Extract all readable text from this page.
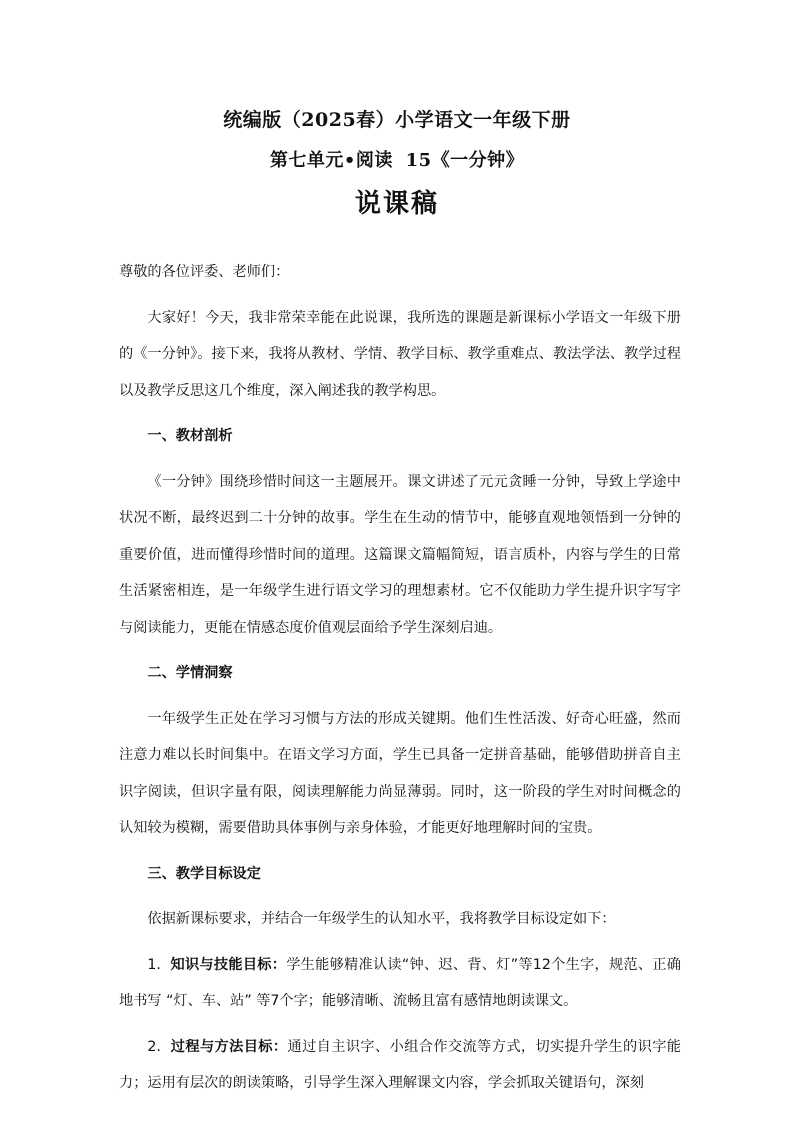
统编版（2025春）小学语文一年级下册
第七单元•阅读 15《一分钟》
说课稿

尊敬的各位评委、老师们：

大家好！今天，我非常荣幸能在此说课，我所选的课题是新课标小学语文一年级下册的《一分钟》。接下来，我将从教材、学情、教学目标、教学重难点、教法学法、教学过程以及教学反思这几个维度，深入阐述我的教学构思。

一、教材剖析

《一分钟》围绕珍惜时间这一主题展开。课文讲述了元元贪睡一分钟，导致上学途中状况不断，最终迟到二十分钟的故事。学生在生动的情节中，能够直观地领悟到一分钟的重要价值，进而懂得珍惜时间的道理。这篇课文篇幅简短，语言质朴，内容与学生的日常生活紧密相连，是一年级学生进行语文学习的理想素材。它不仅能助力学生提升识字写字与阅读能力，更能在情感态度价值观层面给予学生深刻启迪。

二、学情洞察

一年级学生正处在学习习惯与方法的形成关键期。他们生性活泼、好奇心旺盛，然而注意力难以长时间集中。在语文学习方面，学生已具备一定拼音基础，能够借助拼音自主识字阅读，但识字量有限，阅读理解能力尚显薄弱。同时，这一阶段的学生对时间概念的认知较为模糊，需要借助具体事例与亲身体验，才能更好地理解时间的宝贵。

三、教学目标设定

依据新课标要求，并结合一年级学生的认知水平，我将教学目标设定如下：

1. 知识与技能目标：学生能够精准认读“钟、迟、背、灯”等12个生字，规范、正确地书写 “灯、车、站” 等7个字；能够清晰、流畅且富有感情地朗读课文。

2. 过程与方法目标：通过自主识字、小组合作交流等方式，切实提升学生的识字能力；运用有层次的朗读策略，引导学生深入理解课文内容，学会抓取关键语句，深刻
